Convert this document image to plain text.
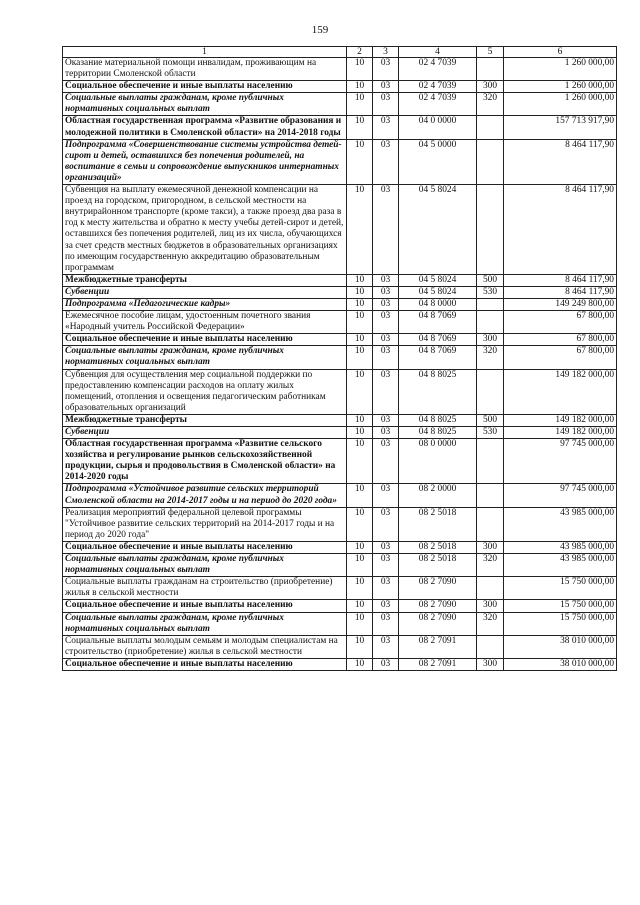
159
1	2	3	4	5	6
Оказание материальной помощи инвалидам, проживающим на территории Смоленской области	10	03	02 4 7039		1 260 000,00
Социальное обеспечение и иные выплаты населению	10	03	02 4 7039	300	1 260 000,00
Социальные выплаты гражданам, кроме публичных нормативных социальных выплат	10	03	02 4 7039	320	1 260 000,00
Областная государственная программа «Развитие образования и молодежной политики в Смоленской области» на 2014-2018 годы	10	03	04 0 0000		157 713 917,90
Подпрограмма «Совершенствование системы устройства детей-сирот и детей, оставшихся без попечения родителей, на воспитание в семьи и сопровождение выпускников интернатных организаций»	10	03	04 5 0000		8 464 117,90
Субвенция на выплату ежемесячной денежной компенсации на проезд на городском, пригородном, в сельской местности на внутрирайонном транспорте (кроме такси), а также проезд два раза в год к месту жительства и обратно к месту учебы детей-сирот и детей, оставшихся без попечения родителей, лиц из их числа, обучающихся за счет средств местных бюджетов в образовательных организациях по имеющим государственную аккредитацию образовательным программам	10	03	04 5 8024		8 464 117,90
Межбюджетные трансферты	10	03	04 5 8024	500	8 464 117,90
Субвенции	10	03	04 5 8024	530	8 464 117,90
Подпрограмма «Педагогические кадры»	10	03	04 8 0000		149 249 800,00
Ежемесячное пособие лицам, удостоенным почетного звания «Народный учитель Российской Федерации»	10	03	04 8 7069		67 800,00
Социальное обеспечение и иные выплаты населению	10	03	04 8 7069	300	67 800,00
Социальные выплаты гражданам, кроме публичных нормативных социальных выплат	10	03	04 8 7069	320	67 800,00
Субвенция для осуществления мер социальной поддержки по предоставлению компенсации расходов на оплату жилых помещений, отопления и освещения педагогическим работникам образовательных организаций	10	03	04 8 8025		149 182 000,00
Межбюджетные трансферты	10	03	04 8 8025	500	149 182 000,00
Субвенции	10	03	04 8 8025	530	149 182 000,00
Областная государственная программа «Развитие сельского хозяйства и регулирование рынков сельскохозяйственной продукции, сырья и продовольствия в Смоленской области» на 2014-2020 годы	10	03	08 0 0000		97 745 000,00
Подпрограмма «Устойчивое развитие сельских территорий Смоленской области на 2014-2017 годы и на период до 2020 года»	10	03	08 2 0000		97 745 000,00
Реализация мероприятий федеральной целевой программы "Устойчивое развитие сельских территорий на 2014-2017 годы и на период до 2020 года"	10	03	08 2 5018		43 985 000,00
Социальное обеспечение и иные выплаты населению	10	03	08 2 5018	300	43 985 000,00
Социальные выплаты гражданам, кроме публичных нормативных социальных выплат	10	03	08 2 5018	320	43 985 000,00
Социальные выплаты гражданам на строительство (приобретение) жилья в сельской местности	10	03	08 2 7090		15 750 000,00
Социальное обеспечение и иные выплаты населению	10	03	08 2 7090	300	15 750 000,00
Социальные выплаты гражданам, кроме публичных нормативных социальных выплат	10	03	08 2 7090	320	15 750 000,00
Социальные выплаты молодым семьям и молодым специалистам на строительство (приобретение) жилья в сельской местности	10	03	08 2 7091		38 010 000,00
Социальное обеспечение и иные выплаты населению	10	03	08 2 7091	300	38 010 000,00
